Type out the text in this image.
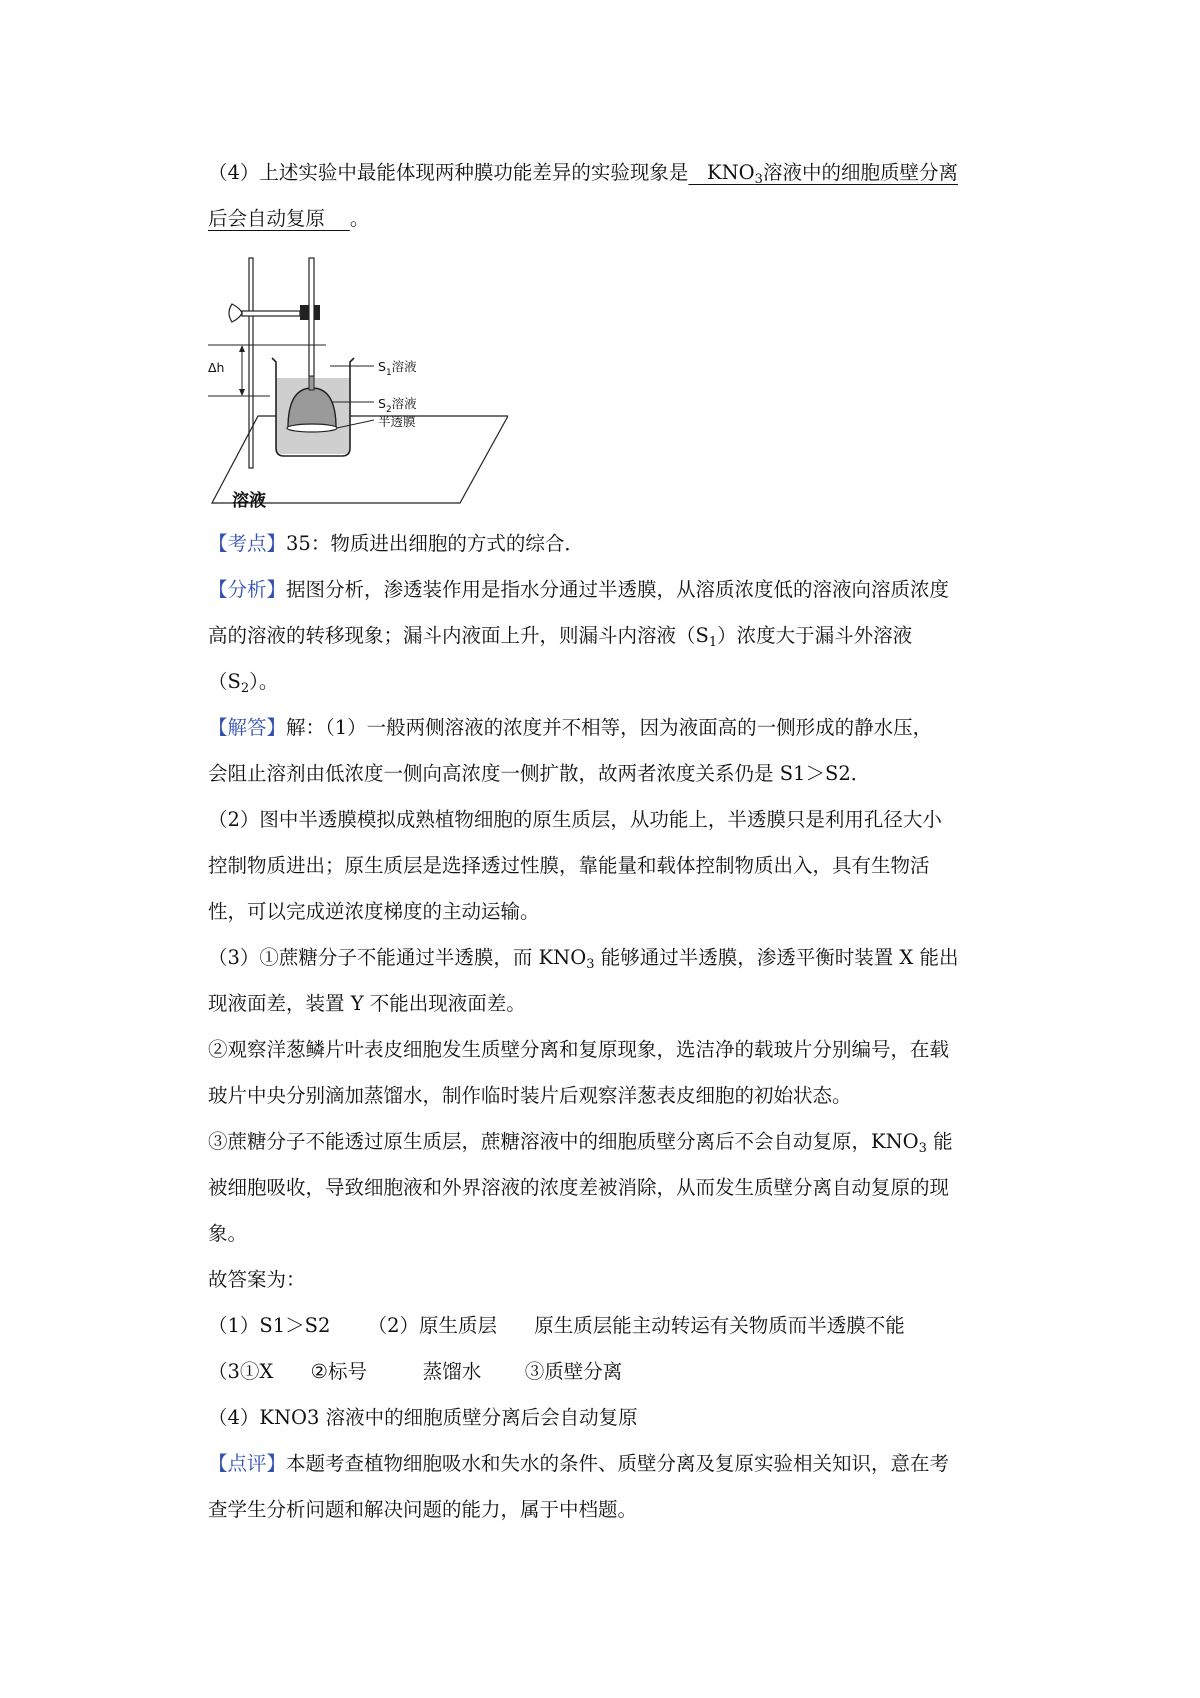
（4）上述实验中最能体现两种膜功能差异的实验现象是 $KNO_3$溶液中的细胞质壁分离
后会自动复原 。
Δh	$S_1$溶液
$S_2$溶液
半透膜
溶液
【考点】35：物质进出细胞的方式的综合．
【分析】据图分析，渗透装作用是指水分通过半透膜，从溶质浓度低的溶液向溶质浓度
高的溶液的转移现象；漏斗内液面上升，则漏斗内溶液$(S_1)$浓度大于漏斗外溶液
$(S_2)$。
【解答】解：（1）一般两侧溶液的浓度并不相等，因为液面高的一侧形成的静水压，
会阻止溶剂由低浓度一侧向高浓度一侧扩散，故两者浓度关系仍是 S1＞S2．
（2）图中半透膜模拟成熟植物细胞的原生质层，从功能上，半透膜只是利用孔径大小
控制物质进出；原生质层是选择透过性膜，靠能量和载体控制物质出入，具有生物活
性，可以完成逆浓度梯度的主动运输。
（3）①蔗糖分子不能通过半透膜，而 $KNO_3$ 能够通过半透膜，渗透平衡时装置 X 能出
现液面差，装置 Y 不能出现液面差。
②观察洋葱鳞片叶表皮细胞发生质壁分离和复原现象，选洁净的载玻片分别编号，在载
玻片中央分别滴加蒸馏水，制作临时装片后观察洋葱表皮细胞的初始状态。
③蔗糖分子不能透过原生质层，蔗糖溶液中的细胞质壁分离后不会自动复原，$KNO_3$ 能
被细胞吸收，导致细胞液和外界溶液的浓度差被消除，从而发生质壁分离自动复原的现
象。
故答案为：
（1）S1＞S2 （2）原生质层 原生质层能主动转运有关物质而半透膜不能
（3①X ②标号	蒸馏水 ③质壁分离
（4）KNO3 溶液中的细胞质壁分离后会自动复原
【点评】本题考查植物细胞吸水和失水的条件、质壁分离及复原实验相关知识，意在考
查学生分析问题和解决问题的能力，属于中档题。
